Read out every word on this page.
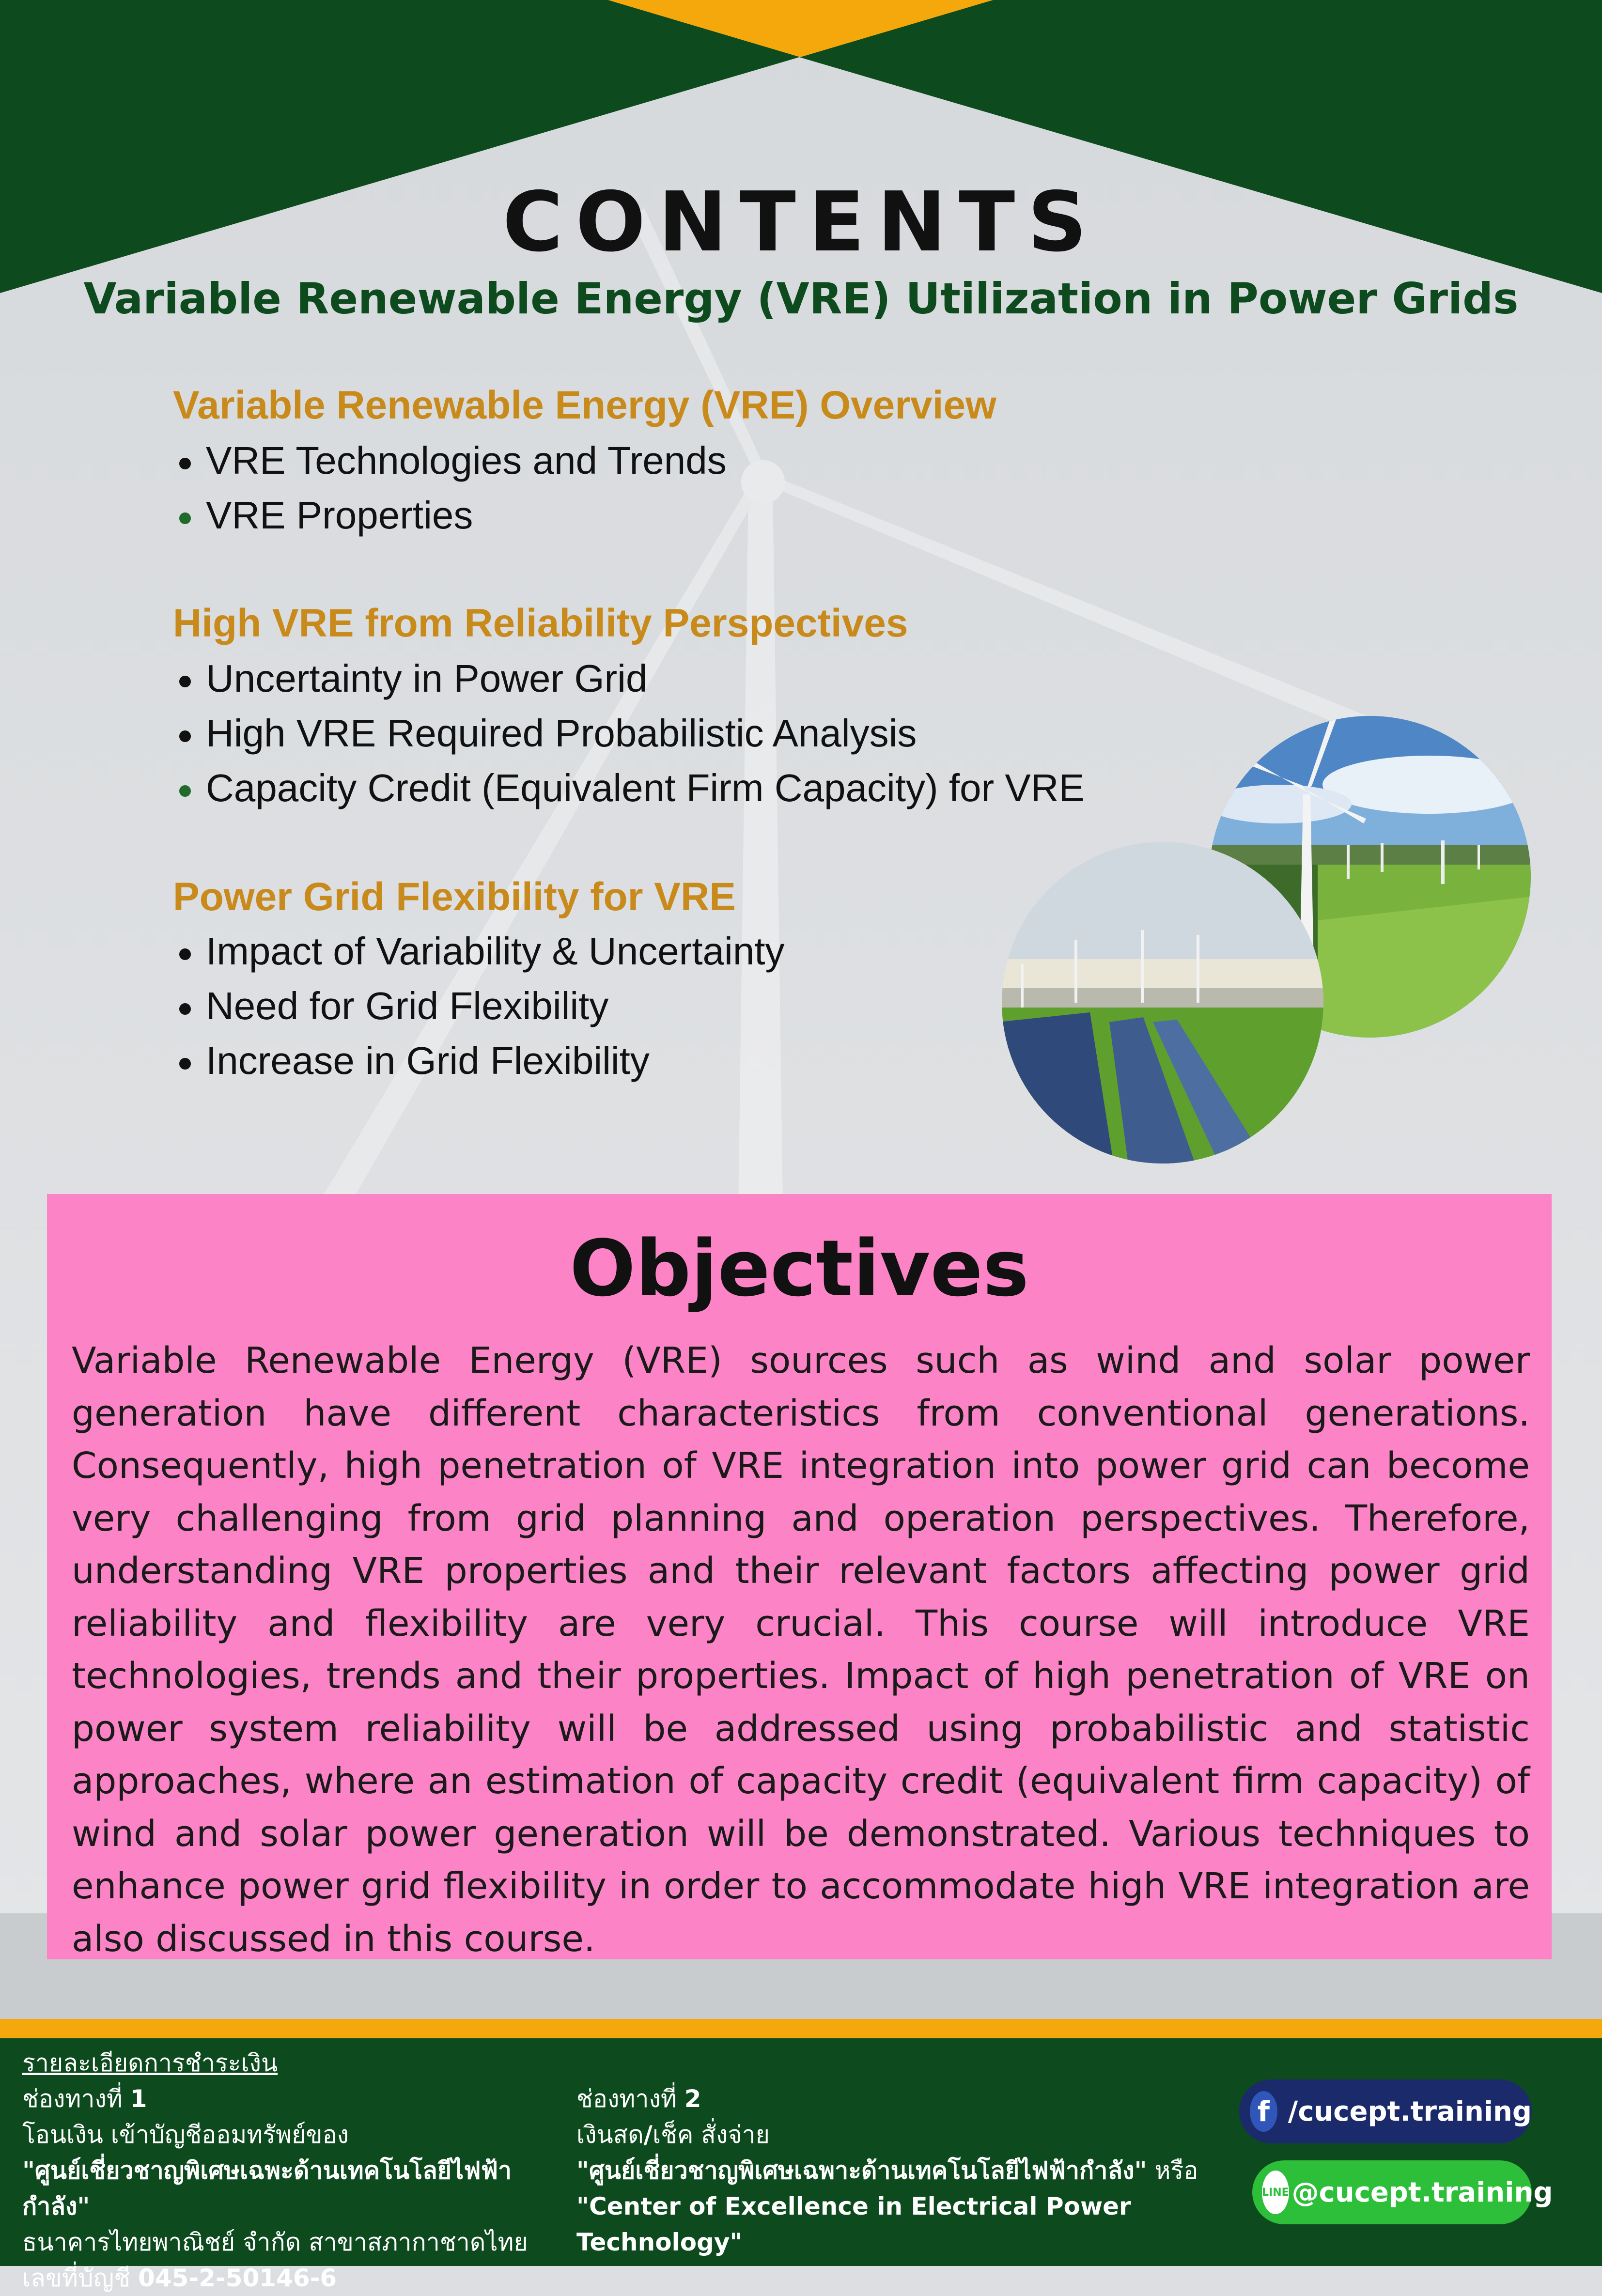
CONTENTS
Variable Renewable Energy (VRE) Utilization in Power Grids
Variable Renewable Energy (VRE) Overview
VRE Technologies and Trends
VRE Properties
High VRE from Reliability Perspectives
Uncertainty in Power Grid
High VRE Required Probabilistic Analysis
Capacity Credit (Equivalent Firm Capacity) for VRE
Power Grid Flexibility for VRE
Impact of Variability & Uncertainty
Need for Grid Flexibility
Increase in Grid Flexibility
Objectives
Variable Renewable Energy (VRE) sources such as wind and solar power generation have different characteristics from conventional generations. Consequently, high penetration of VRE integration into power grid can become very challenging from grid planning and operation perspectives. Therefore, understanding VRE properties and their relevant factors affecting power grid reliability and flexibility are very crucial. This course will introduce VRE technologies, trends and their properties. Impact of high penetration of VRE on power system reliability will be addressed using probabilistic and statistic approaches, where an estimation of capacity credit (equivalent firm capacity) of wind and solar power generation will be demonstrated. Various techniques to enhance power grid flexibility in order to accommodate high VRE integration are also discussed in this course.
รายละเอียดการชำระเงิน
ช่องทางที่ 1
โอนเงิน เข้าบัญชีออมทรัพย์ของ
"ศูนย์เชี่ยวชาญพิเศษเฉพะด้านเทคโนโลยีไฟฟ้ากำลัง"
ธนาคารไทยพาณิชย์ จำกัด สาขาสภากาชาดไทย
เลขที่บัญชี 045-2-50146-6
ช่องทางที่ 2
เงินสด/เช็ค สั่งจ่าย
"ศูนย์เชี่ยวชาญพิเศษเฉพาะด้านเทคโนโลยีไฟฟ้ากำลัง" หรือ
"Center of Excellence in Electrical Power
Technology"
f /cucept.training
LINE @cucept.training
